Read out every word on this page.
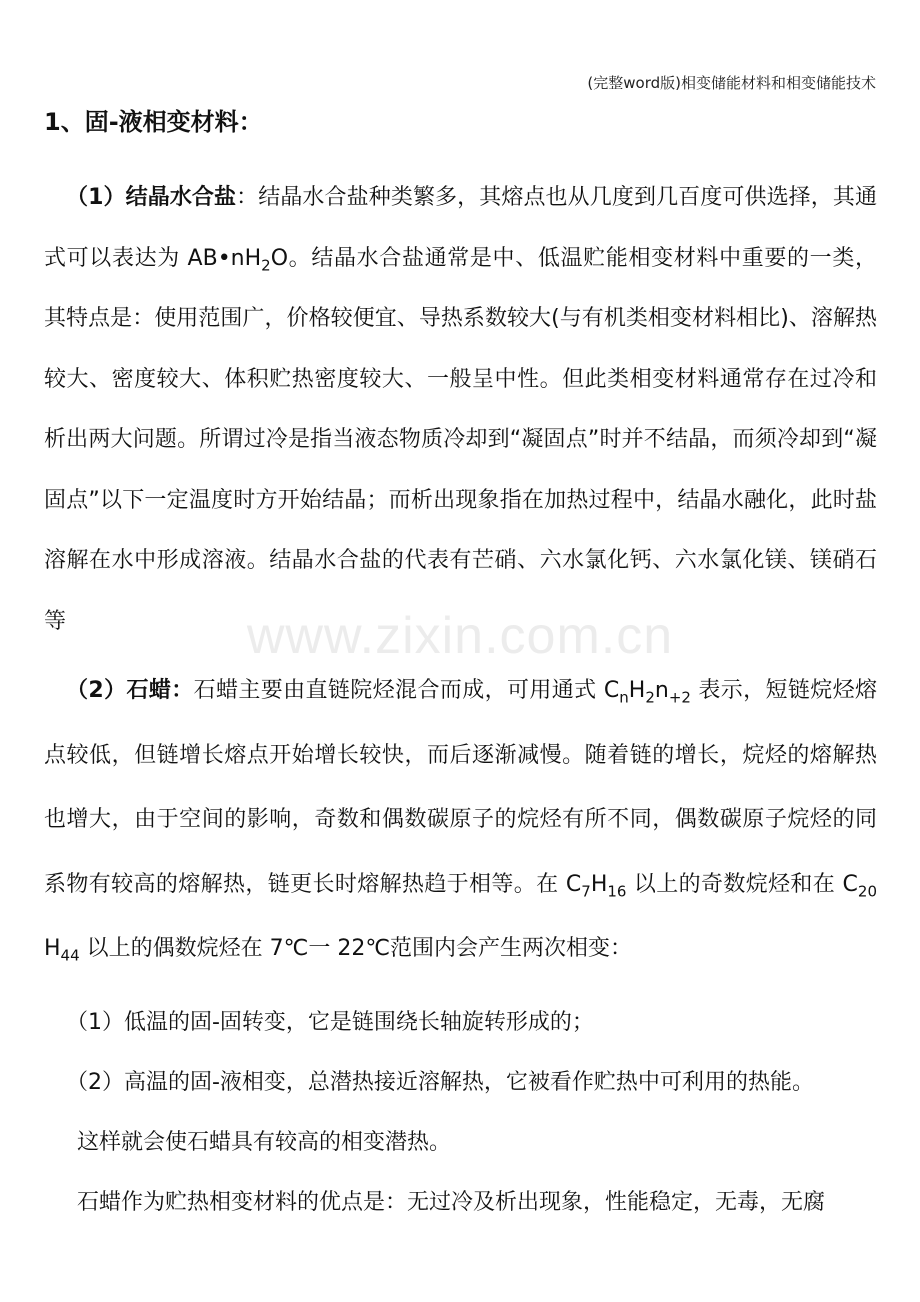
(完整word版)相变储能材料和相变储能技术
www.zixin.com.cn
1、固-液相变材料：

（1）结晶水合盐：结晶水合盐种类繁多，其熔点也从几度到几百度可供选择，其通式可以表达为 $AB•nH_2O$。结晶水合盐通常是中、低温贮能相变材料中重要的一类，其特点是：使用范围广，价格较便宜、导热系数较大(与有机类相变材料相比)、溶解热较大、密度较大、体积贮热密度较大、一般呈中性。但此类相变材料通常存在过冷和析出两大问题。所谓过冷是指当液态物质冷却到“凝固点”时并不结晶，而须冷却到“凝固点”以下一定温度时方开始结晶；而析出现象指在加热过程中，结晶水融化，此时盐溶解在水中形成溶液。结晶水合盐的代表有芒硝、六水氯化钙、六水氯化镁、镁硝石等

（2）石蜡：石蜡主要由直链院烃混合而成，可用通式 $C_nH_2n_{+2}$ 表示，短链烷烃熔点较低，但链增长熔点开始增长较快，而后逐渐减慢。随着链的增长，烷烃的熔解热也增大，由于空间的影响，奇数和偶数碳原子的烷烃有所不同，偶数碳原子烷烃的同系物有较高的熔解热，链更长时熔解热趋于相等。在 $C_7H_{16}$ 以上的奇数烷烃和在 $C_{20}H_{44}$ 以上的偶数烷烃在 7℃一 22℃范围内会产生两次相变：

（1）低温的固-固转变，它是链围绕长轴旋转形成的；

（2）高温的固-液相变，总潜热接近溶解热，它被看作贮热中可利用的热能。

这样就会使石蜡具有较高的相变潜热。

石蜡作为贮热相变材料的优点是：无过冷及析出现象，性能稳定，无毒，无腐
